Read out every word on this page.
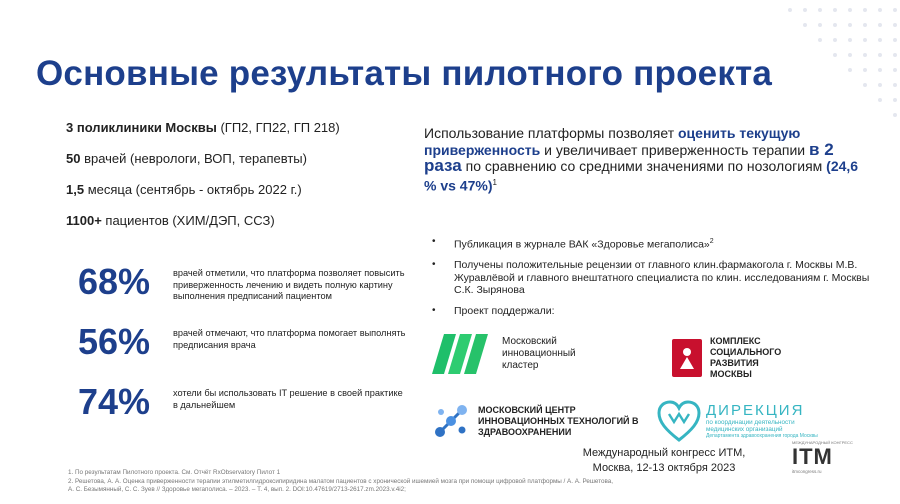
Основные результаты пилотного проекта
3 поликлиники Москвы (ГП2, ГП22, ГП 218)
50 врачей (неврологи, ВОП, терапевты)
1,5 месяца (сентябрь - октябрь 2022 г.)
1100+ пациентов (ХИМ/ДЭП, ССЗ)
68%	врачей отметили, что платформа позволяет повысить приверженность лечению и видеть полную картину выполнения предписаний пациентом
56%	врачей отмечают, что платформа помогает выполнять предписания врача
74%	хотели бы использовать IT решение в своей практике в дальнейшем
Использование платформы позволяет оценить текущую приверженность и увеличивает приверженность терапии в 2 раза по сравнению со средними значениями по нозологиям (24,6 % vs 47%)$^1$
•	Публикация в журнале ВАК «Здоровье мегаполиса»$^2$
•	Получены положительные рецензии от главного клин.фармакогола г. Москвы М.В. Журавлёвой и главного внештатного специалиста по клин. исследованиям г. Москвы С.К. Зырянова
•	Проект поддержали:
Московский инновационный кластер
КОМПЛЕКС СОЦИАЛЬНОГО РАЗВИТИЯ МОСКВЫ
МОСКОВСКИЙ ЦЕНТР ИННОВАЦИОННЫХ ТЕХНОЛОГИЙ В ЗДРАВООХРАНЕНИИ
ДИРЕКЦИЯ
по координации деятельности
медицинских организаций
Департамента здравоохранения города Москвы
Международный конгресс ИТМ,
Москва, 12-13 октября 2023
1. По результатам Пилотного проекта. См. Отчёт RxObservatory Пилот 1
2. Решетова, А. А. Оценка приверженности терапии этилметилгидроксипиридина малатом пациентов с хронической ишемией мозга при помощи цифровой платформы / А. А. Решетова,
А. С. Безымянный, С. С. Зуев // Здоровье мегаполиса. – 2023. – Т. 4, вып. 2. DOI:10.47619/2713-2617.zm.2023.v.4i2;
МЕЖДУНАРОДНЫЙ КОНГРЕСС
ITM
itmcongress.ru
